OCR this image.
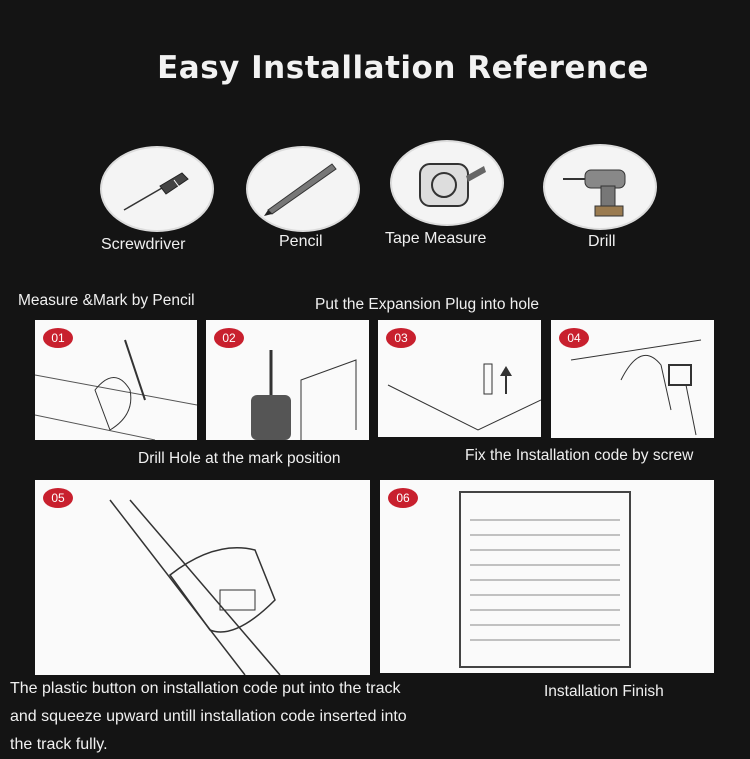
Easy Installation Reference
Screwdriver	Pencil	Tape Measure	Drill
Measure &Mark by Pencil	Put the Expansion Plug into hole
01	02	03	04
Drill Hole at the mark position	Fix the Installation code by screw
05	06
The plastic button on installation code put into the track
and squeeze upward untill installation code inserted into
the track fully.
Installation Finish
